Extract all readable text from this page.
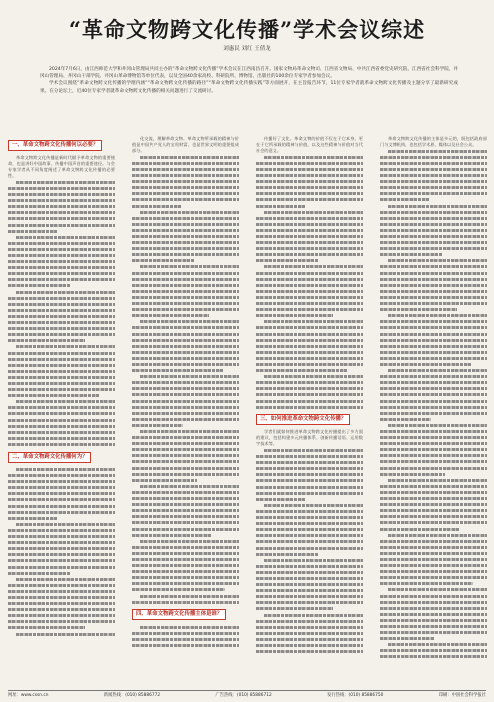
“革命文物跨文化传播”学术会议综述
刘惠民 刘红 王倩龙

2024年7月6日，由江西师范大学和井冈山管理局共同主办的“革命文物跨文化传播”学术会议在江西南昌召开。国家文物局革命文物司、江西省文物局、中共江西省委党史研究院、江西省社会科学院、井冈山管理局、井冈山干部学院、井冈山革命博物馆等单位代表，以及全国40余家高校、科研院所、博物馆、出版社的100余位专家学者参加会议。

学术会议围绕“革命文物跨文化传播的学理内涵”“革命文物跨文化传播的路径”“革命文物跨文化传播实践”等方面展开，在主旨报告环节，11位专家学者就革命文物跨文化传播及主题分享了最新研究成果。在分论坛上，近40位专家学者就革命文物跨文化传播的相关问题进行了交流研讨。

一、革命文物跨文化传播何以必要？

革命文物跨文化传播是新时代赋予革命文物的重要使命，也是讲好中国故事、传播中国声音的重要途径。与会专家学者从不同角度阐述了革命文物跨文化传播的必要性。

二、革命文物跨文化传播何为？

化交流，理解革命文物。革命文物所承载的精神与价值是中国共产党人的宝贵财富，也是世界文明的重要组成部分。

四、革命文物跨文化传播主体是谁？

传播好了文化。革命文物的价值不仅在于它本身，更在于它所承载的精神与价值，以及这些精神与价值对当代社会的意义。

三、如何推进革命文物跨文化传播？

学者们就如何推进革命文物跨文化传播提出了多方面的建议，包括构建多元传播体系、创新传播话语、运用数字技术等。

革命文物跨文化传播的主体是多元的，既包括政府部门与文博机构，也包括学术界、媒体以及社会公众。

网址：www.cssn.cn	新闻热线：(010) 85886772	广告热线：(010) 85886712	发行热线：(010) 85886750	印刷：中国社会科学报社
